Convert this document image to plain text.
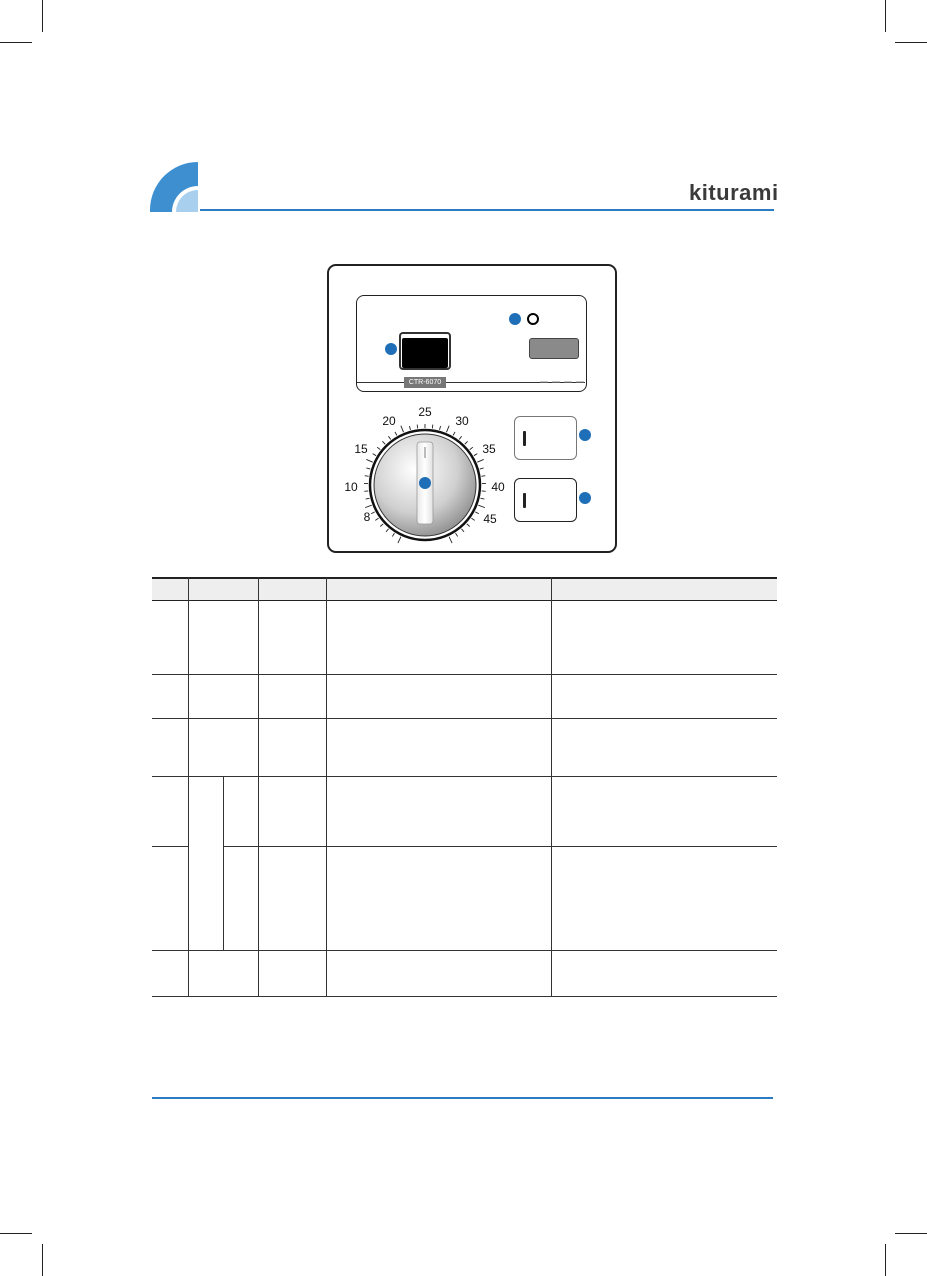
kiturami
CTR-6070
8
10
15
20
25
30
35
40
45
